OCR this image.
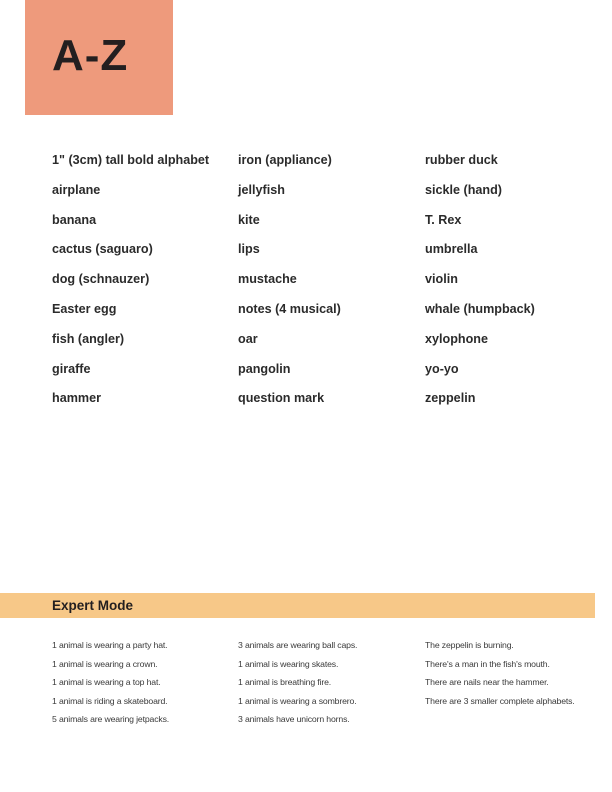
A-Z
1" (3cm) tall bold alphabet
airplane
banana
cactus (saguaro)
dog (schnauzer)
Easter egg
fish (angler)
giraffe
hammer
iron (appliance)
jellyfish
kite
lips
mustache
notes (4 musical)
oar
pangolin
question mark
rubber duck
sickle (hand)
T. Rex
umbrella
violin
whale (humpback)
xylophone
yo-yo
zeppelin
Expert Mode
1 animal is wearing a party hat.
1 animal is wearing a crown.
1 animal is wearing a top hat.
1 animal is riding a skateboard.
5 animals are wearing jetpacks.
3 animals are wearing ball caps.
1 animal is wearing skates.
1 animal is breathing fire.
1 animal is wearing a sombrero.
3 animals have unicorn horns.
The zeppelin is burning.
There's a man in the fish's mouth.
There are nails near the hammer.
There are 3 smaller complete alphabets.
